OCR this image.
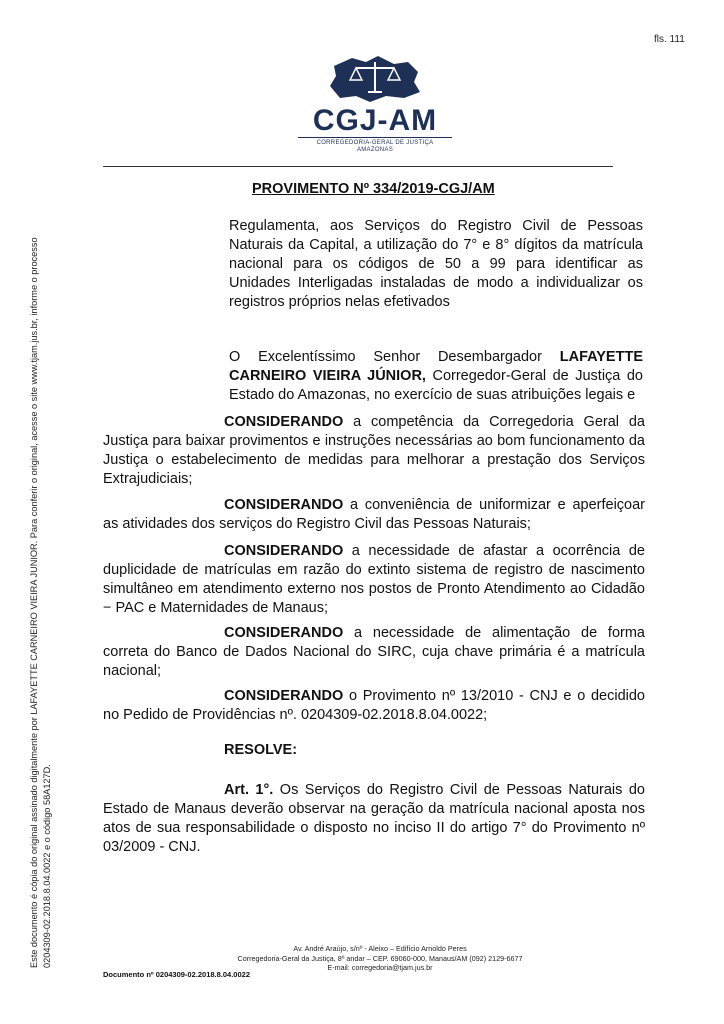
fls. 111
Este documento é cópia do original assinado digitalmente por LAFAYETTE CARNEIRO VIEIRA JUNIOR. Para conferir o original, acesse o site www.tjam.jus.br, informe o processo 0204309-02.2018.8.04.0022 e o código 58A127D.
CGJ-AM
CORREGEDORIA-GERAL DE JUSTIÇA
AMAZONAS
PROVIMENTO Nº 334/2019-CGJ/AM
Regulamenta, aos Serviços do Registro Civil de Pessoas Naturais da Capital, a utilização do 7° e 8° dígitos da matrícula nacional para os códigos de 50 a 99 para identificar as Unidades Interligadas instaladas de modo a individualizar os registros próprios nelas efetivados
O Excelentíssimo Senhor Desembargador LAFAYETTE CARNEIRO VIEIRA JÚNIOR, Corregedor-Geral de Justiça do Estado do Amazonas, no exercício de suas atribuições legais e
CONSIDERANDO a competência da Corregedoria Geral da Justiça para baixar provimentos e instruções necessárias ao bom funcionamento da Justiça o estabelecimento de medidas para melhorar a prestação dos Serviços Extrajudiciais;
CONSIDERANDO a conveniência de uniformizar e aperfeiçoar as atividades dos serviços do Registro Civil das Pessoas Naturais;
CONSIDERANDO a necessidade de afastar a ocorrência de duplicidade de matrículas em razão do extinto sistema de registro de nascimento simultâneo em atendimento externo nos postos de Pronto Atendimento ao Cidadão − PAC e Maternidades de Manaus;
CONSIDERANDO a necessidade de alimentação de forma correta do Banco de Dados Nacional do SIRC, cuja chave primária é a matrícula nacional;
CONSIDERANDO o Provimento nº 13/2010 - CNJ e o decidido no Pedido de Providências nº. 0204309-02.2018.8.04.0022;
RESOLVE:
Art. 1°. Os Serviços do Registro Civil de Pessoas Naturais do Estado de Manaus deverão observar na geração da matrícula nacional aposta nos atos de sua responsabilidade o disposto no inciso II do artigo 7° do Provimento nº 03/2009 - CNJ.
Av. André Araújo, s/nº - Aleixo – Edifício Arnoldo Peres
Corregedoria-Geral da Justiça, 8º andar – CEP. 69060-000, Manaus/AM (092) 2129-6677
E-mail: corregedoria@tjam.jus.br
Documento nº 0204309-02.2018.8.04.0022
